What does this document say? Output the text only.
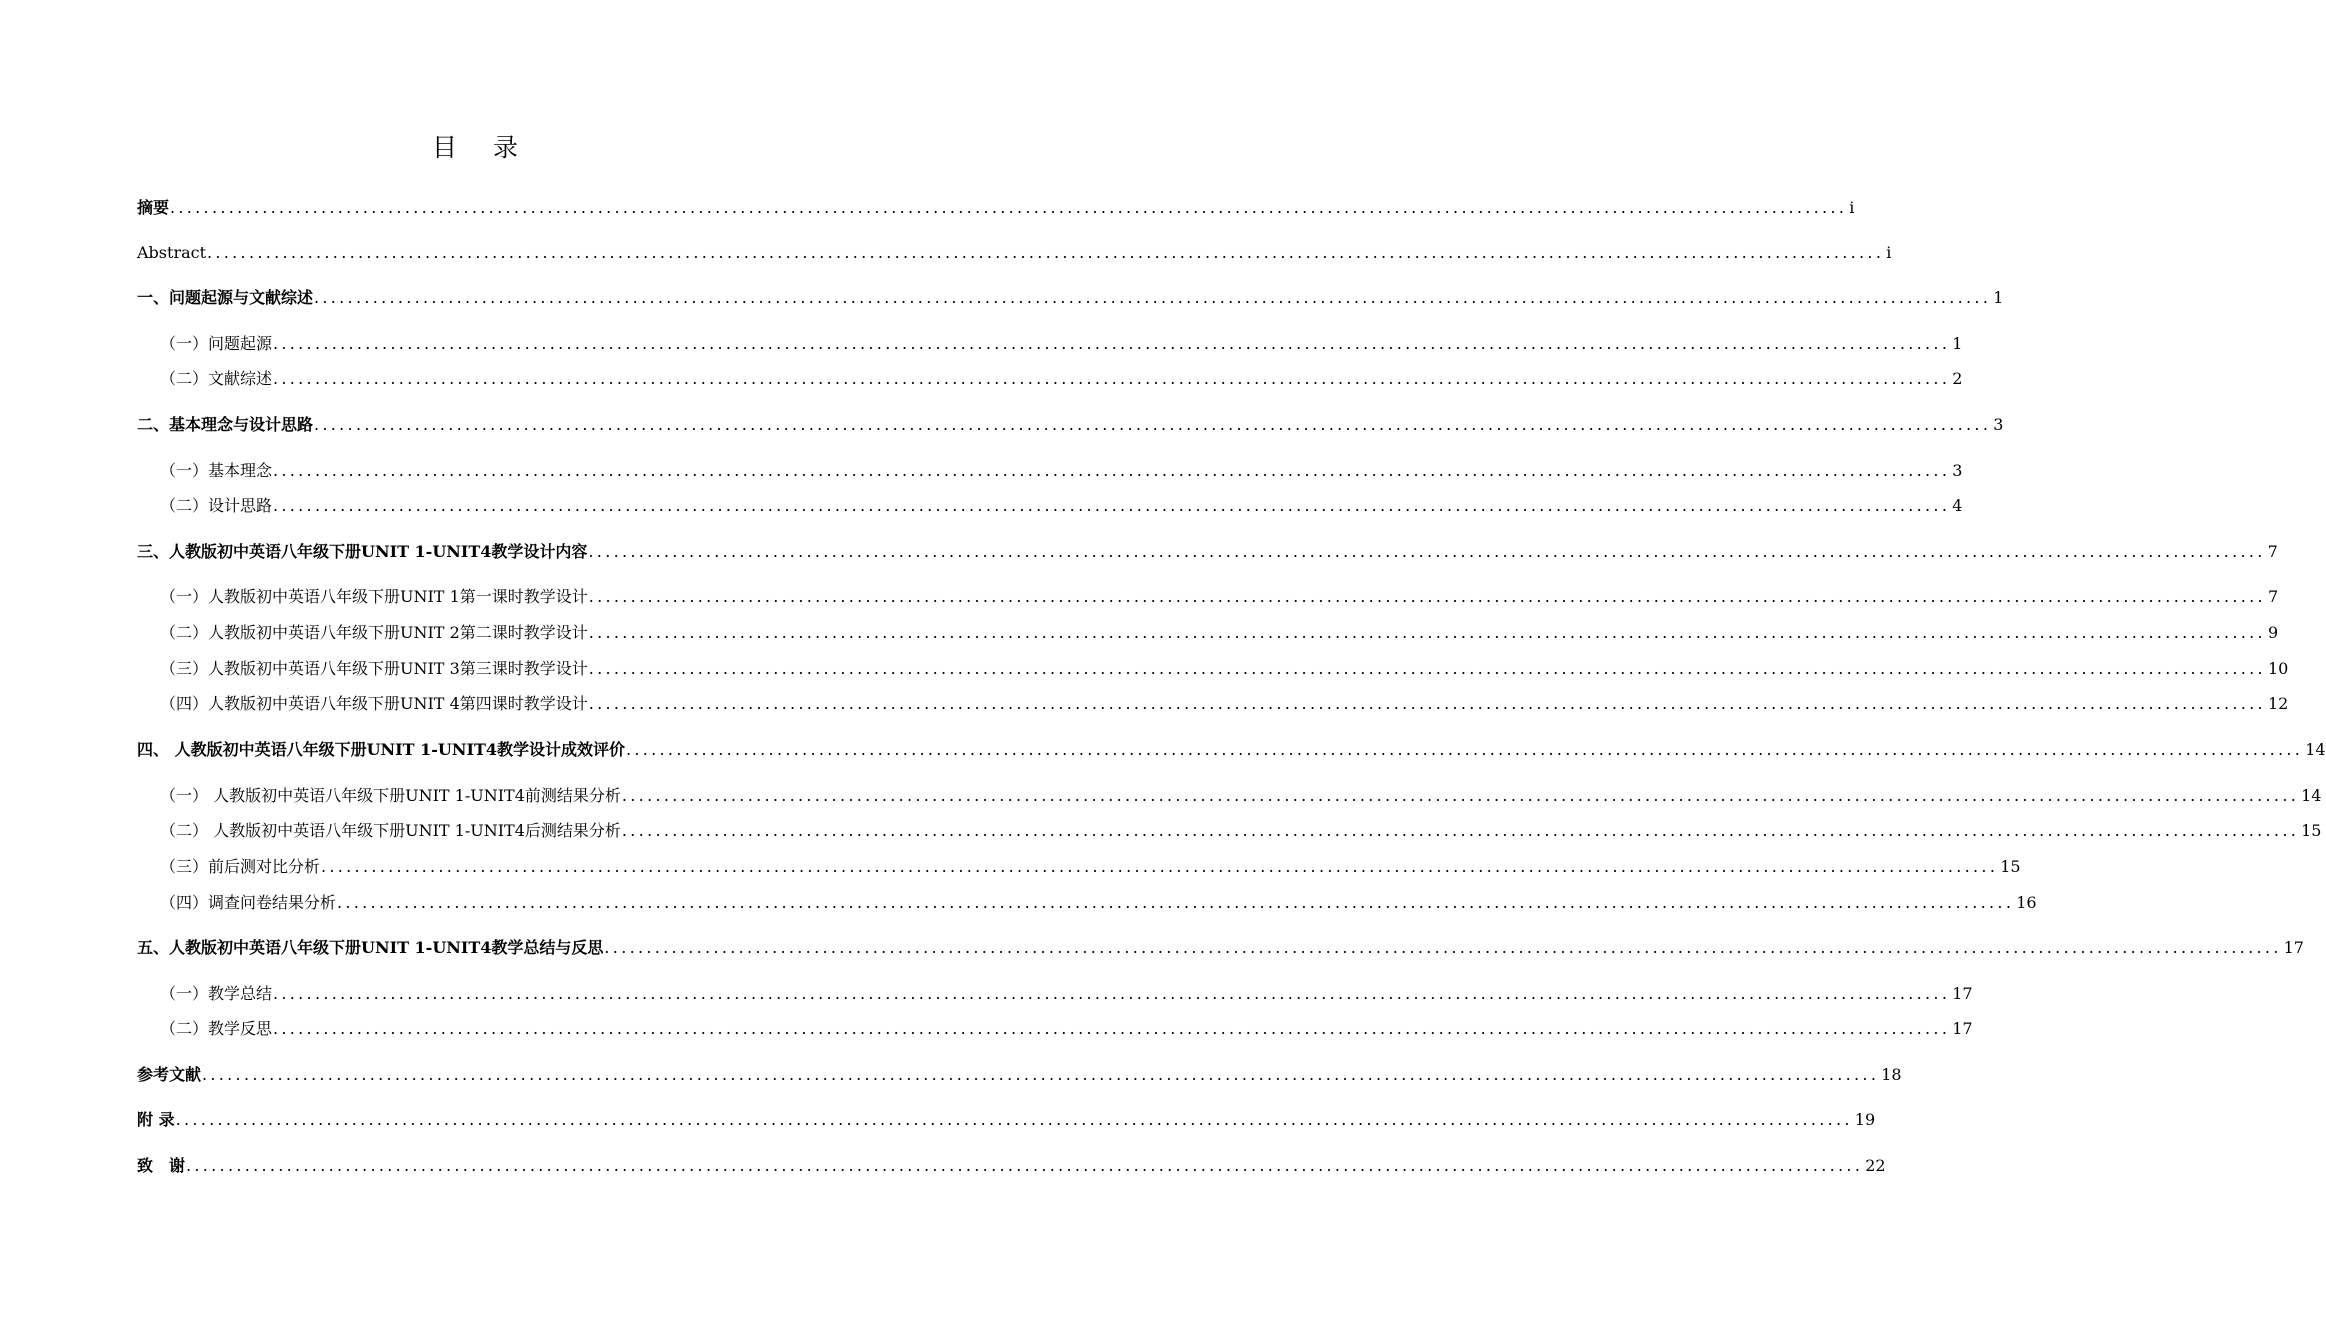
目 录
摘要 ........................................................................................................................................................................................................ i
Abstract ........................................................................................................................................................................................................ i
一、问题起源与文献综述 ........................................................................................................................................................................................................ 1
（一）问题起源 ........................................................................................................................................................................................................ 1
（二）文献综述 ........................................................................................................................................................................................................ 2
二、基本理念与设计思路 ........................................................................................................................................................................................................ 3
（一）基本理念 ........................................................................................................................................................................................................ 3
（二）设计思路 ........................................................................................................................................................................................................ 4
三、人教版初中英语八年级下册UNIT 1-UNIT4教学设计内容 ........................................................................................................................................................................................................ 7
（一）人教版初中英语八年级下册UNIT 1第一课时教学设计 ........................................................................................................................................................................................................ 7
（二）人教版初中英语八年级下册UNIT 2第二课时教学设计 ........................................................................................................................................................................................................ 9
（三）人教版初中英语八年级下册UNIT 3第三课时教学设计 ........................................................................................................................................................................................................ 10
（四）人教版初中英语八年级下册UNIT 4第四课时教学设计 ........................................................................................................................................................................................................ 12
四、 人教版初中英语八年级下册UNIT 1-UNIT4教学设计成效评价 ........................................................................................................................................................................................................ 14
（一） 人教版初中英语八年级下册UNIT 1-UNIT4前测结果分析 ........................................................................................................................................................................................................ 14
（二） 人教版初中英语八年级下册UNIT 1-UNIT4后测结果分析 ........................................................................................................................................................................................................ 15
（三）前后测对比分析 ........................................................................................................................................................................................................ 15
（四）调查问卷结果分析 ........................................................................................................................................................................................................ 16
五、人教版初中英语八年级下册UNIT 1-UNIT4教学总结与反思 ........................................................................................................................................................................................................ 17
（一）教学总结 ........................................................................................................................................................................................................ 17
（二）教学反思 ........................................................................................................................................................................................................ 17
参考文献 ........................................................................................................................................................................................................ 18
附 录 ........................................................................................................................................................................................................ 19
致　谢 ........................................................................................................................................................................................................ 22
